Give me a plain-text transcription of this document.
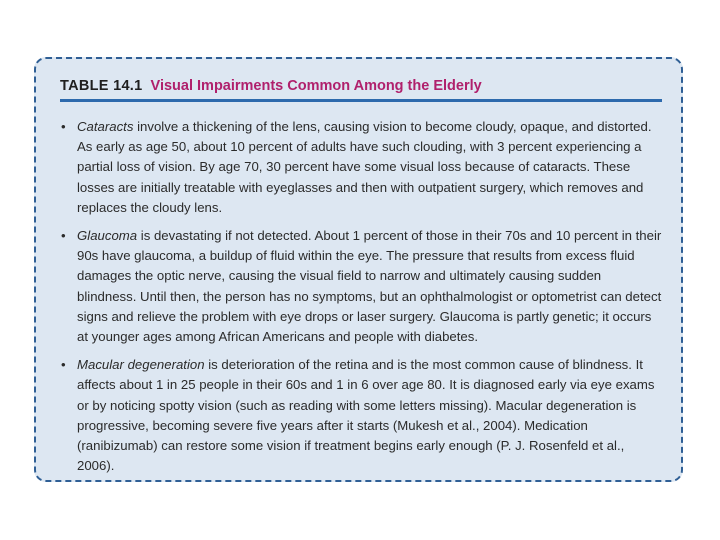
TABLE 14.1 Visual Impairments Common Among the Elderly
• Cataracts involve a thickening of the lens, causing vision to become cloudy, opaque, and distorted. As early as age 50, about 10 percent of adults have such clouding, with 3 percent experiencing a partial loss of vision. By age 70, 30 percent have some visual loss because of cataracts. These losses are initially treatable with eyeglasses and then with outpatient surgery, which removes and replaces the cloudy lens.
• Glaucoma is devastating if not detected. About 1 percent of those in their 70s and 10 percent in their 90s have glaucoma, a buildup of fluid within the eye. The pressure that results from excess fluid damages the optic nerve, causing the visual field to narrow and ultimately causing sudden blindness. Until then, the person has no symptoms, but an ophthalmologist or optometrist can detect signs and relieve the problem with eye drops or laser surgery. Glaucoma is partly genetic; it occurs at younger ages among African Americans and people with diabetes.
• Macular degeneration is deterioration of the retina and is the most common cause of blindness. It affects about 1 in 25 people in their 60s and 1 in 6 over age 80. It is diagnosed early via eye exams or by noticing spotty vision (such as reading with some letters missing). Macular degeneration is progressive, becoming severe five years after it starts (Mukesh et al., 2004). Medication (ranibizumab) can restore some vision if treatment begins early enough (P. J. Rosenfeld et al., 2006).
